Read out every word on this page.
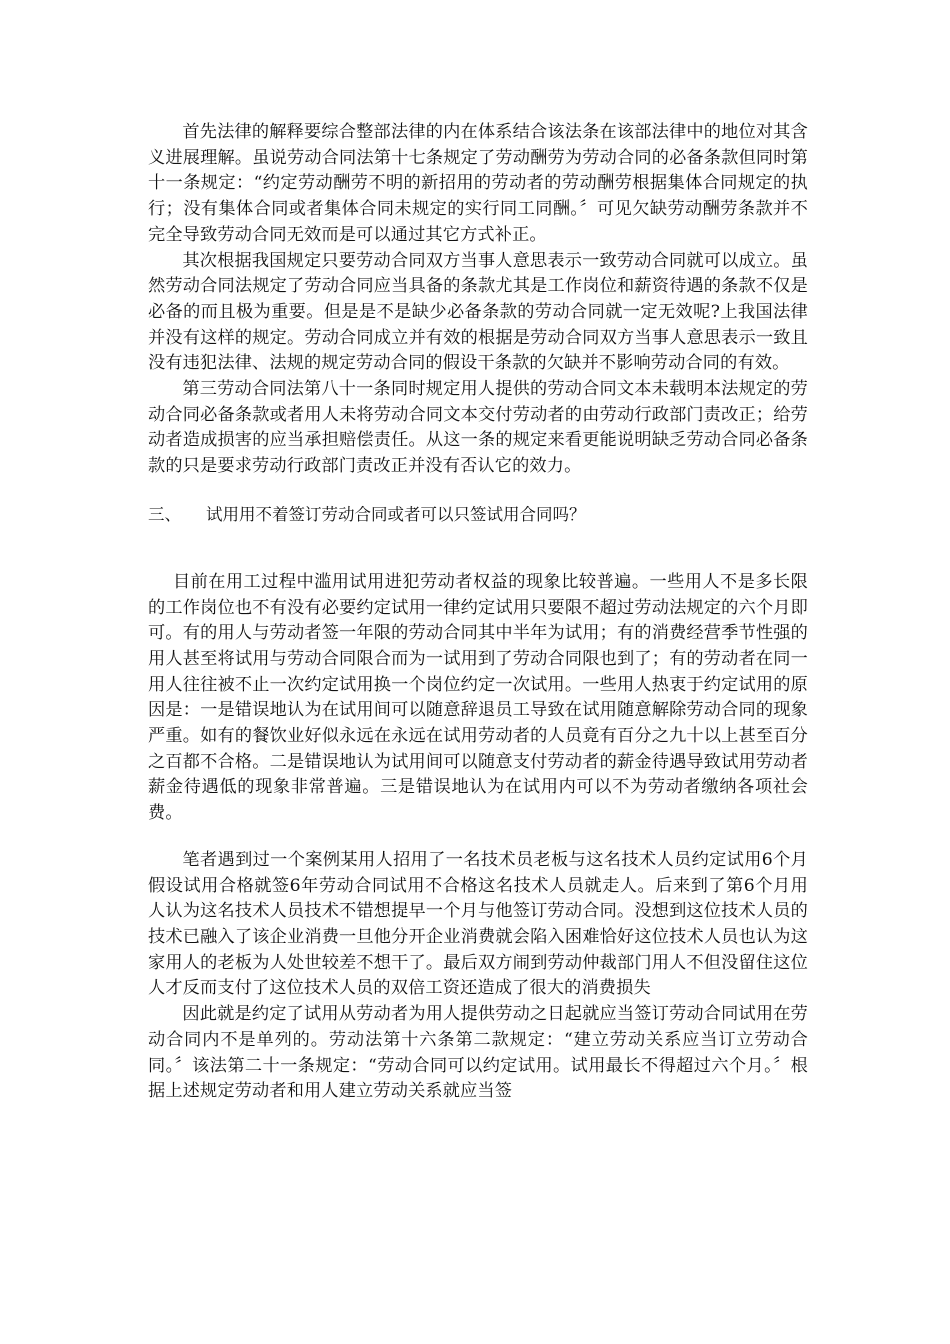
首先法律的解释要综合整部法律的内在体系结合该法条在该部法律中的地位对其含义进展理解。虽说劳动合同法第十七条规定了劳动酬劳为劳动合同的必备条款但同时第十一条规定：“约定劳动酬劳不明的新招用的劳动者的劳动酬劳根据集体合同规定的执行；没有集体合同或者集体合同未规定的实行同工同酬。〞可见欠缺劳动酬劳条款并不完全导致劳动合同无效而是可以通过其它方式补正。

其次根据我国规定只要劳动合同双方当事人意思表示一致劳动合同就可以成立。虽然劳动合同法规定了劳动合同应当具备的条款尤其是工作岗位和薪资待遇的条款不仅是必备的而且极为重要。但是是不是缺少必备条款的劳动合同就一定无效呢?上我国法律并没有这样的规定。劳动合同成立并有效的根据是劳动合同双方当事人意思表示一致且没有违犯法律、法规的规定劳动合同的假设干条款的欠缺并不影响劳动合同的有效。

第三劳动合同法第八十一条同时规定用人提供的劳动合同文本未载明本法规定的劳动合同必备条款或者用人未将劳动合同文本交付劳动者的由劳动行政部门责改正；给劳动者造成损害的应当承担赔偿责任。从这一条的规定来看更能说明缺乏劳动合同必备条款的只是要求劳动行政部门责改正并没有否认它的效力。

三、	试用用不着签订劳动合同或者可以只签试用合同吗？

目前在用工过程中滥用试用进犯劳动者权益的现象比较普遍。一些用人不是多长限的工作岗位也不有没有必要约定试用一律约定试用只要限不超过劳动法规定的六个月即可。有的用人与劳动者签一年限的劳动合同其中半年为试用；有的消费经营季节性强的用人甚至将试用与劳动合同限合而为一试用到了劳动合同限也到了；有的劳动者在同一用人往往被不止一次约定试用换一个岗位约定一次试用。一些用人热衷于约定试用的原因是：一是错误地认为在试用间可以随意辞退员工导致在试用随意解除劳动合同的现象严重。如有的餐饮业好似永远在永远在试用劳动者的人员竟有百分之九十以上甚至百分之百都不合格。二是错误地认为试用间可以随意支付劳动者的薪金待遇导致试用劳动者薪金待遇低的现象非常普遍。三是错误地认为在试用内可以不为劳动者缴纳各项社会费。

笔者遇到过一个案例某用人招用了一名技术员老板与这名技术人员约定试用6个月假设试用合格就签6年劳动合同试用不合格这名技术人员就走人。后来到了第6个月用人认为这名技术人员技术不错想提早一个月与他签订劳动合同。没想到这位技术人员的技术已融入了该企业消费一旦他分开企业消费就会陷入困难恰好这位技术人员也认为这家用人的老板为人处世较差不想干了。最后双方闹到劳动仲裁部门用人不但没留住这位人才反而支付了这位技术人员的双倍工资还造成了很大的消费损失

因此就是约定了试用从劳动者为用人提供劳动之日起就应当签订劳动合同试用在劳动合同内不是单列的。劳动法第十六条第二款规定：“建立劳动关系应当订立劳动合同。〞该法第二十一条规定：“劳动合同可以约定试用。试用最长不得超过六个月。〞根据上述规定劳动者和用人建立劳动关系就应当签
